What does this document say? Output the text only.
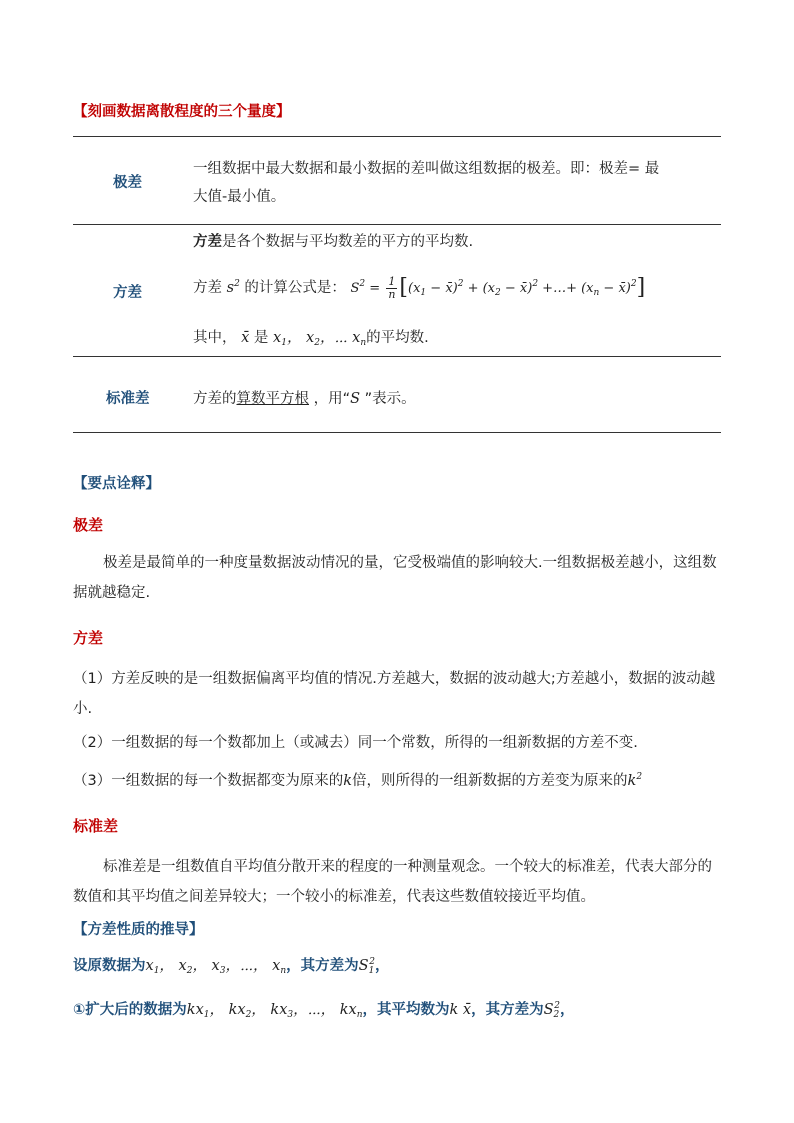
【刻画数据离散程度的三个量度】
极差
一组数据中最大数据和最小数据的差叫做这组数据的极差。即：极差= 最
大值-最小值。
方差
方差是各个数据与平均数差的平方的平均数.
方差 $s^2$ 的计算公式是： $S^2 = \frac{1}{n} [(x_1$ − x̄)$^2$ + ($x_2$ − x̄)$^2$ +…+ ($x_n$ − x̄)$^2$]
其中， x̄ 是 $x_1$， $x_2$，⋯ $x_n$的平均数.
标准差	方差的算数平方根 ，用“S ”表示。
【要点诠释】
极差
极差是最简单的一种度量数据波动情况的量，它受极端值的影响较大.一组数据极差越小，这组数据就越稳定.
方差
（1）方差反映的是一组数据偏离平均值的情况.方差越大，数据的波动越大;方差越小，数据的波动越小.
（2）一组数据的每一个数都加上（或减去）同一个常数，所得的一组新数据的方差不变.
（3）一组数据的每一个数据都变为原来的k倍，则所得的一组新数据的方差变为原来的$k^2$
标准差
标准差是一组数值自平均值分散开来的程度的一种测量观念。一个较大的标准差，代表大部分的数值和其平均值之间差异较大；一个较小的标准差，代表这些数值较接近平均值。
【方差性质的推导】
设原数据为$x_1$， $x_2$， $x_3$，⋯， $x_n$，其方差为$S_1^2$，
①扩大后的数据为$kx_1$， $kx_2$， $kx_3$，⋯， $kx_n$，其平均数为k x̄，其方差为$S_2^2$，
